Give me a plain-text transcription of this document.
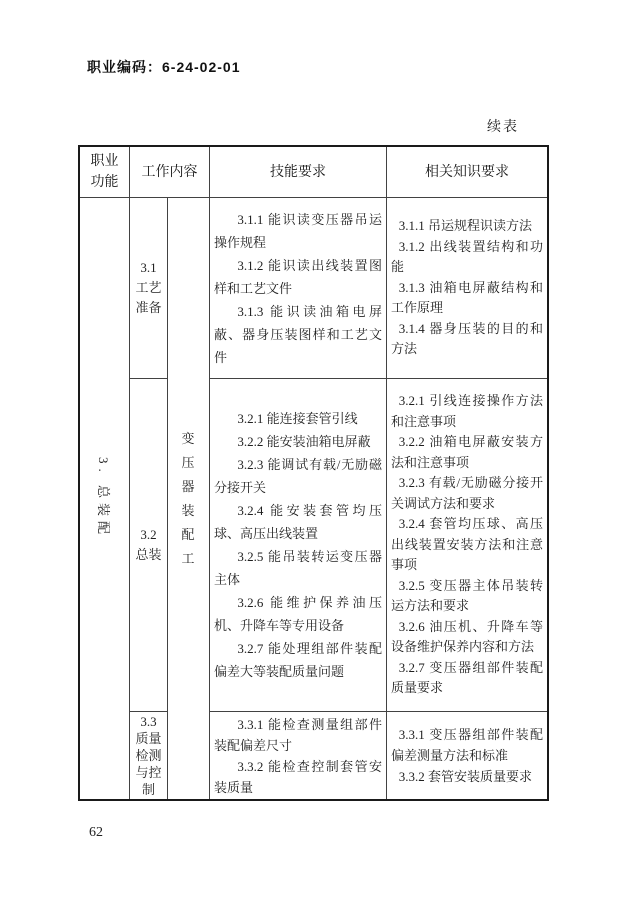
职业编码：6-24-02-01
续表
职业功能
工作内容	技能要求	相关知识要求
3. 总装配
变压器装配工
3.1
工艺准备

3.1.1 能识读变压器吊运操作规程

3.1.2 能识读出线装置图样和工艺文件

3.1.3 能识读油箱电屏蔽、器身压装图样和工艺文件

3.1.1 吊运规程识读方法

3.1.2 出线装置结构和功能

3.1.3 油箱电屏蔽结构和工作原理

3.1.4 器身压装的目的和方法

3.2
总装

3.2.1 能连接套管引线

3.2.2 能安装油箱电屏蔽

3.2.3 能调试有载/无励磁分接开关

3.2.4 能安装套管均压球、高压出线装置

3.2.5 能吊装转运变压器主体

3.2.6 能维护保养油压机、升降车等专用设备

3.2.7 能处理组部件装配偏差大等装配质量问题

3.2.1 引线连接操作方法和注意事项

3.2.2 油箱电屏蔽安装方法和注意事项

3.2.3 有载/无励磁分接开关调试方法和要求

3.2.4 套管均压球、高压出线装置安装方法和注意事项

3.2.5 变压器主体吊装转运方法和要求

3.2.6 油压机、升降车等设备维护保养内容和方法

3.2.7 变压器组部件装配质量要求

3.3
质量检测与控制

3.3.1 能检查测量组部件装配偏差尺寸

3.3.2 能检查控制套管安装质量

3.3.1 变压器组部件装配偏差测量方法和标准

3.3.2 套管安装质量要求

62
